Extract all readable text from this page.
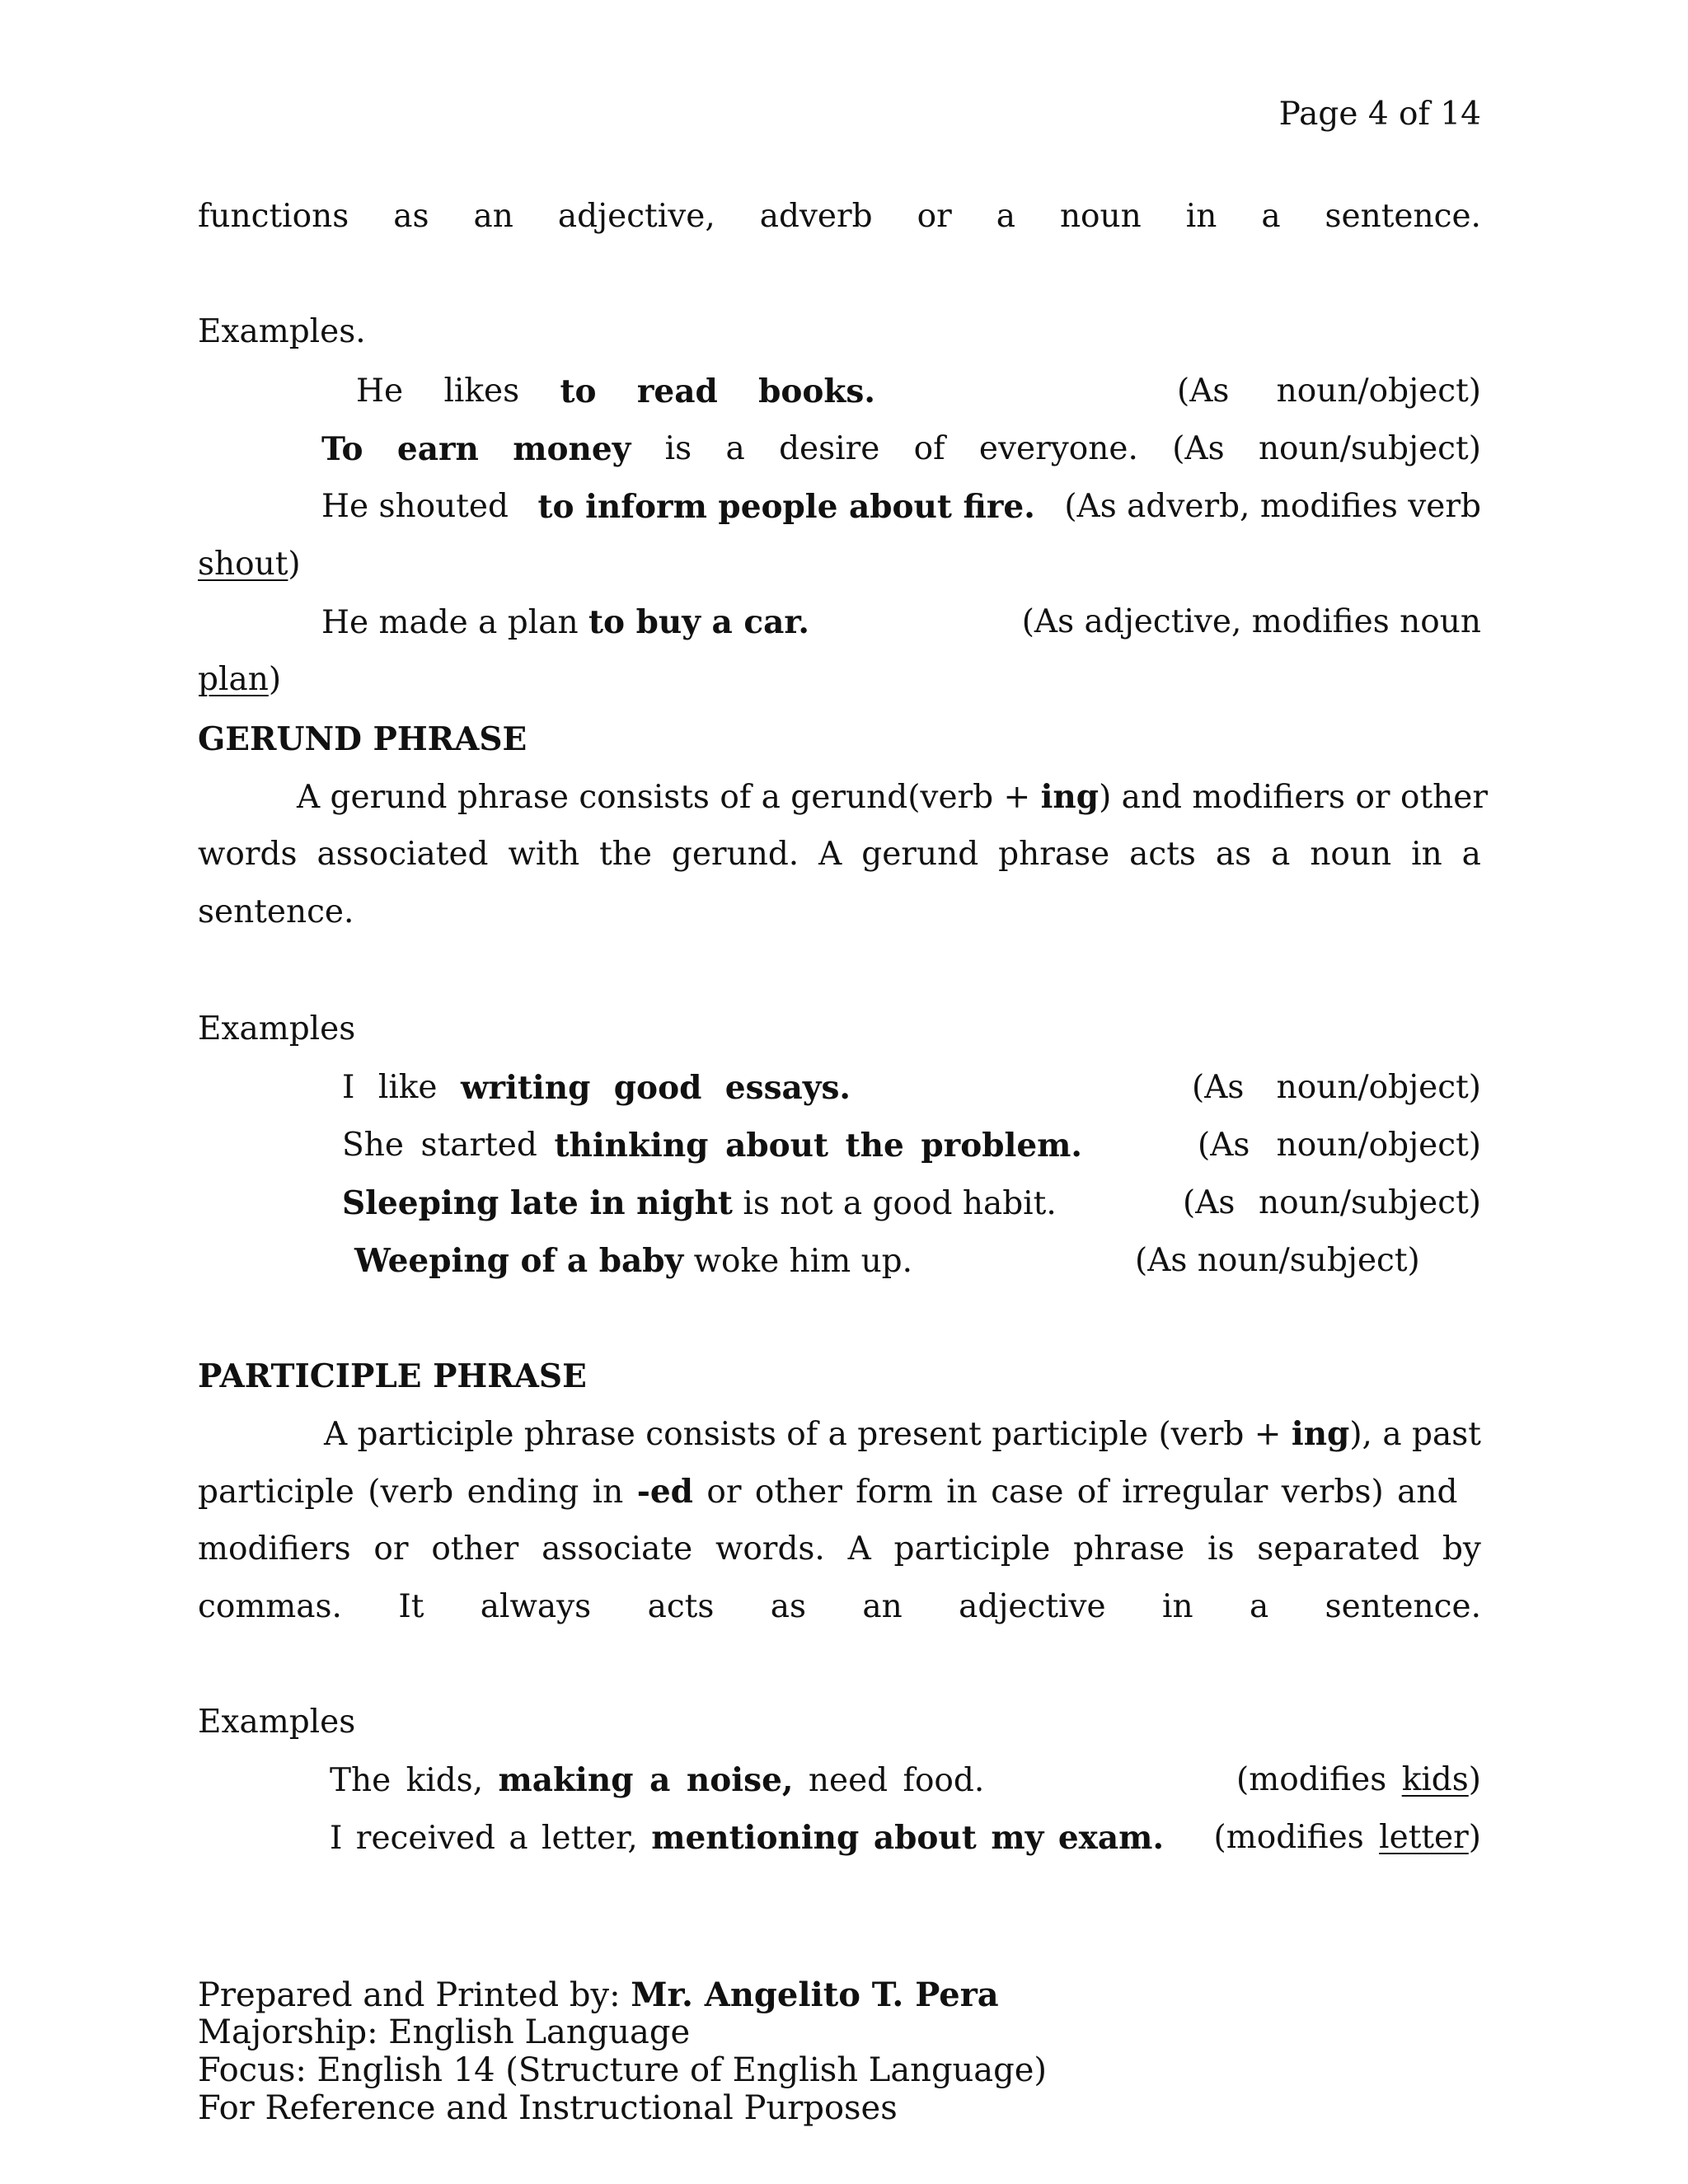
Page 4 of 14
functions as an adjective, adverb or a noun in a sentence.
Examples.
He likes to read books.	(As noun/object)
To earn money is a desire of everyone. (As noun/subject)
He shouted to inform people about fire. (As adverb, modifies verb
shout)
He made a plan to buy a car.	(As adjective, modifies noun
plan)
GERUND PHRASE
A gerund phrase consists of a gerund(verb + ing) and modifiers or other
words associated with the gerund. A gerund phrase acts as a noun in a
sentence.
Examples
I like writing good essays.	(As noun/object)
She started thinking about the problem.	(As noun/object)
Sleeping late in night is not a good habit.	(As noun/subject)
Weeping of a baby woke him up.	(As noun/subject)
PARTICIPLE PHRASE
A participle phrase consists of a present participle (verb + ing), a past
participle (verb ending in -ed or other form in case of irregular verbs) and
modifiers or other associate words. A participle phrase is separated by
commas. It always acts as an adjective in a sentence.
Examples
The kids, making a noise, need food.	(modifies kids)
I received a letter, mentioning about my exam. (modifies letter)
Prepared and Printed by: Mr. Angelito T. Pera
Majorship: English Language
Focus: English 14 (Structure of English Language)
For Reference and Instructional Purposes
